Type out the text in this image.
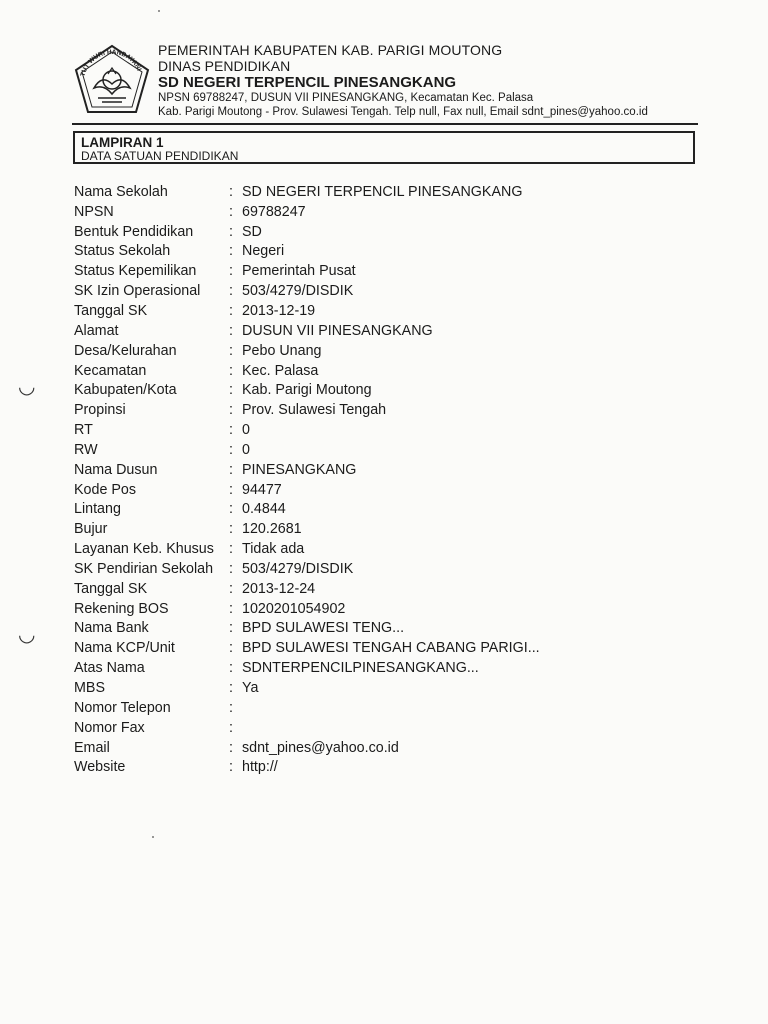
TUT WURI HANDAYANI
PEMERINTAH KABUPATEN KAB. PARIGI MOUTONG
DINAS PENDIDIKAN
SD NEGERI TERPENCIL PINESANGKANG
NPSN 69788247, DUSUN VII PINESANGKANG, Kecamatan Kec. Palasa
Kab. Parigi Moutong - Prov. Sulawesi Tengah. Telp null, Fax null, Email sdnt_pines@yahoo.co.id
LAMPIRAN 1
DATA SATUAN PENDIDIKAN
Nama Sekolah	: SD NEGERI TERPENCIL PINESANGKANG
NPSN	: 69788247
Bentuk Pendidikan	: SD
Status Sekolah	: Negeri
Status Kepemilikan	: Pemerintah Pusat
SK Izin Operasional	: 503/4279/DISDIK
Tanggal SK	: 2013-12-19
Alamat	: DUSUN VII PINESANGKANG
Desa/Kelurahan	: Pebo Unang
Kecamatan	: Kec. Palasa
Kabupaten/Kota	: Kab. Parigi Moutong
Propinsi	: Prov. Sulawesi Tengah
RT	: 0
RW	: 0
Nama Dusun	: PINESANGKANG
Kode Pos	: 94477
Lintang	: 0.4844
Bujur	: 120.2681
Layanan Keb. Khusus	: Tidak ada
SK Pendirian Sekolah	: 503/4279/DISDIK
Tanggal SK	: 2013-12-24
Rekening BOS	: 1020201054902
Nama Bank	: BPD SULAWESI TENG...
Nama KCP/Unit	: BPD SULAWESI TENGAH CABANG PARIGI...
Atas Nama	: SDNTERPENCILPINESANGKANG...
MBS	: Ya
Nomor Telepon	:
Nomor Fax	:
Email	: sdnt_pines@yahoo.co.id
Website	: http://
◡
◡
